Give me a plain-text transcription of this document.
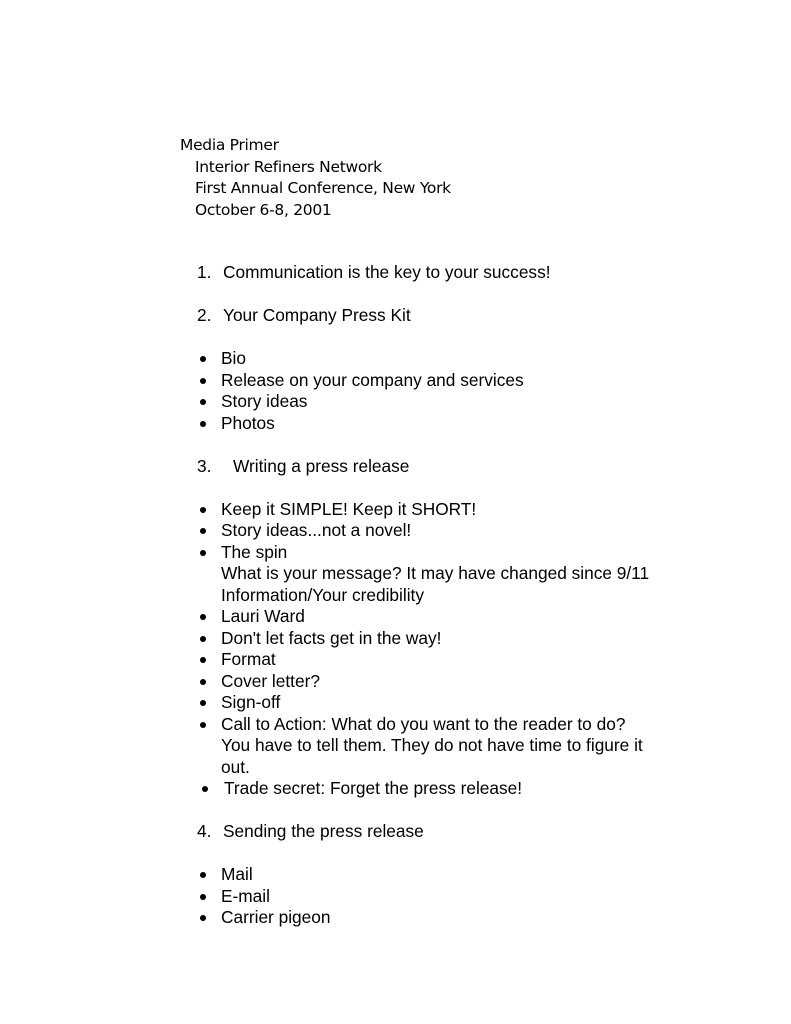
Media Primer
Interior Refiners Network
First Annual Conference, New York
October 6-8, 2001
1. Communication is the key to your success!
2. Your Company Press Kit
Bio
Release on your company and services
Story ideas
Photos
3. Writing a press release
Keep it SIMPLE! Keep it SHORT!
Story ideas...not a novel!
The spin
What is your message? It may have changed since 9/11
Information/Your credibility
Lauri Ward
Don't let facts get in the way!
Format
Cover letter?
Sign-off
Call to Action: What do you want to the reader to do?
You have to tell them. They do not have time to figure it
out.
Trade secret: Forget the press release!
4. Sending the press release
Mail
E-mail
Carrier pigeon
